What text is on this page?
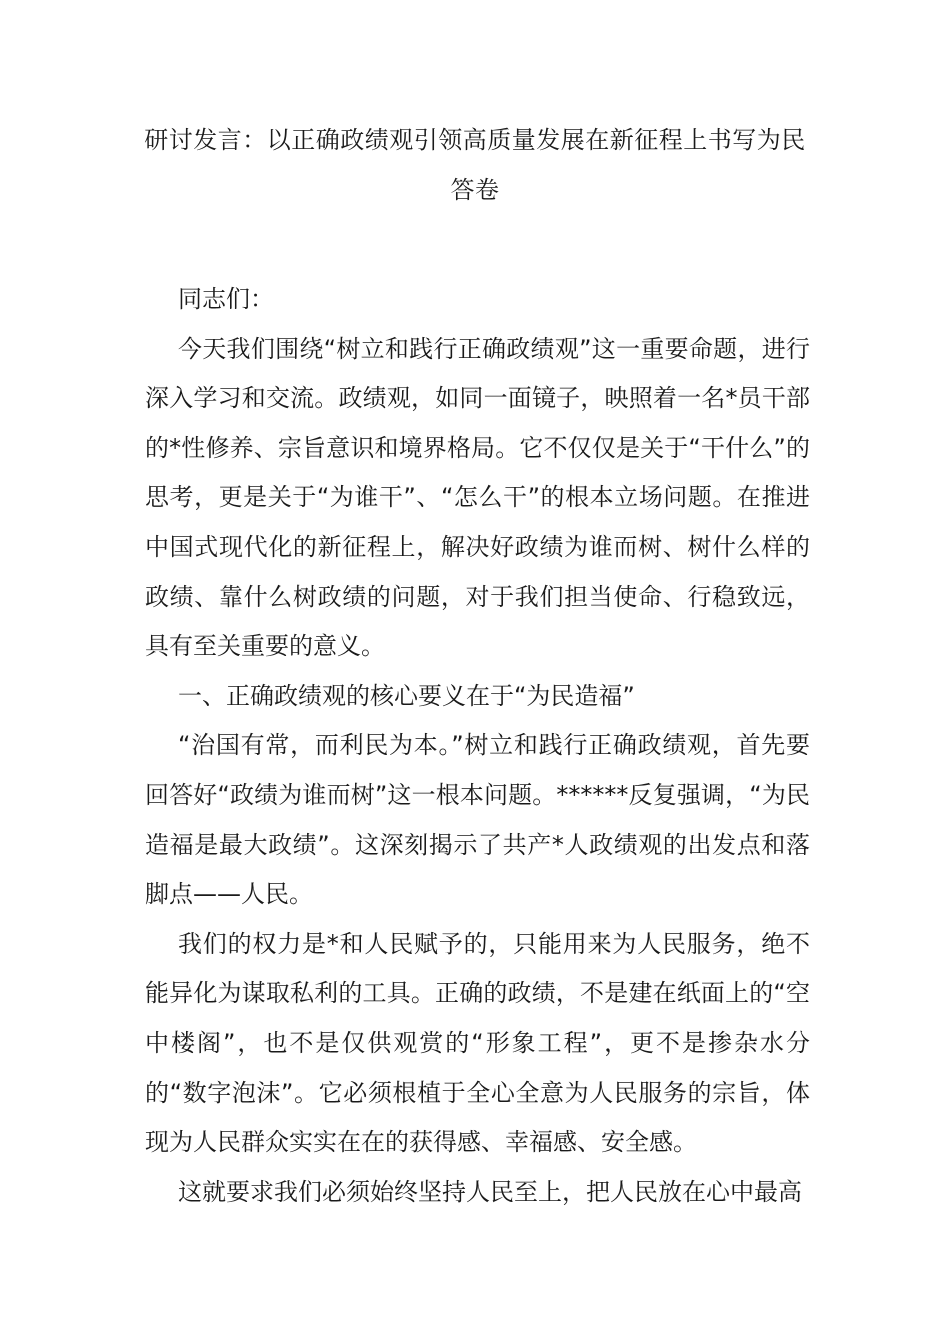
研讨发言：以正确政绩观引领高质量发展在新征程上书写为民
答卷

同志们：

今天我们围绕“树立和践行正确政绩观”这一重要命题，进行深入学习和交流。政绩观，如同一面镜子，映照着一名*员干部的*性修养、宗旨意识和境界格局。它不仅仅是关于“干什么”的思考，更是关于“为谁干”、“怎么干”的根本立场问题。在推进中国式现代化的新征程上，解决好政绩为谁而树、树什么样的政绩、靠什么树政绩的问题，对于我们担当使命、行稳致远，具有至关重要的意义。

一、正确政绩观的核心要义在于“为民造福”

“治国有常，而利民为本。”树立和践行正确政绩观，首先要回答好“政绩为谁而树”这一根本问题。******反复强调，“为民造福是最大政绩”。这深刻揭示了共产*人政绩观的出发点和落脚点——人民。

我们的权力是*和人民赋予的，只能用来为人民服务，绝不能异化为谋取私利的工具。正确的政绩，不是建在纸面上的“空中楼阁”，也不是仅供观赏的“形象工程”，更不是掺杂水分的“数字泡沫”。它必须根植于全心全意为人民服务的宗旨，体现为人民群众实实在在的获得感、幸福感、安全感。

这就要求我们必须始终坚持人民至上，把人民放在心中最高
